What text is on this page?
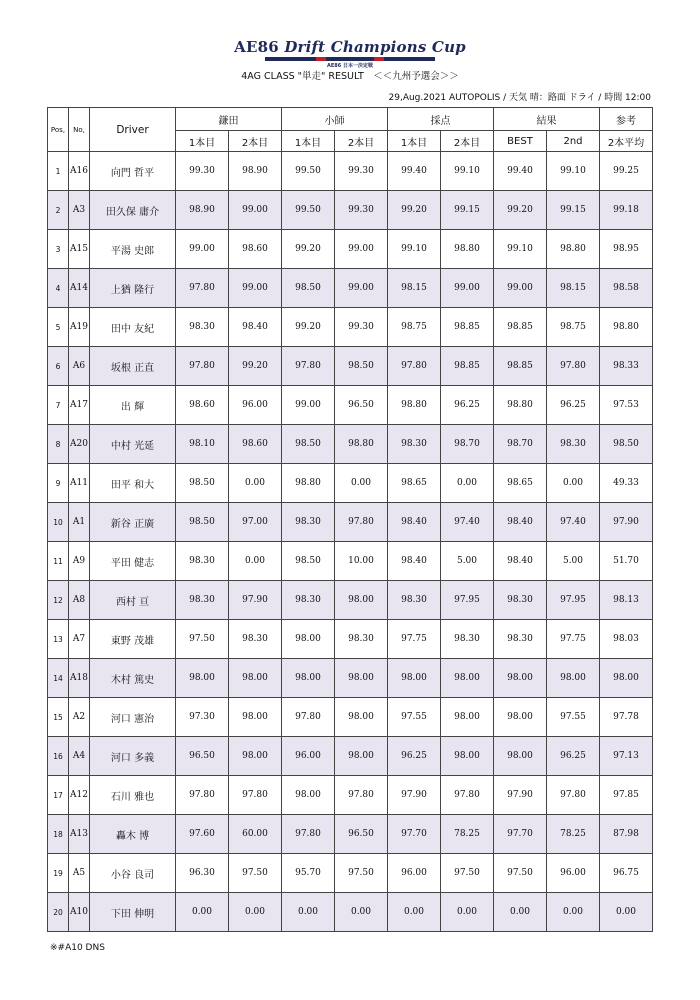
AE86 Drift Champions Cup
AE86 日本一決定戦
4AG CLASS "単走" RESULT　＜＜九州予選会＞＞
29,Aug.2021 AUTOPOLIS / 天気 晴：路面 ドライ / 時間 12:00
Pos,	No,	Driver	鎌田		小師		採点		結果		参考
			1本目	2本目	1本目	2本目	1本目	2本目	BEST	2nd	2本平均
1	A16	向門 哲平	99.30	98.90	99.50	99.30	99.40	99.10	99.40	99.10	99.25
2	A3	田久保 庸介	98.90	99.00	99.50	99.30	99.20	99.15	99.20	99.15	99.18
3	A15	平湯 史郎	99.00	98.60	99.20	99.00	99.10	98.80	99.10	98.80	98.95
4	A14	上猶 隆行	97.80	99.00	98.50	99.00	98.15	99.00	99.00	98.15	98.58
5	A19	田中 友紀	98.30	98.40	99.20	99.30	98.75	98.85	98.85	98.75	98.80
6	A6	坂根 正直	97.80	99.20	97.80	98.50	97.80	98.85	98.85	97.80	98.33
7	A17	出 輝	98.60	96.00	99.00	96.50	98.80	96.25	98.80	96.25	97.53
8	A20	中村 光延	98.10	98.60	98.50	98.80	98.30	98.70	98.70	98.30	98.50
9	A11	田平 和大	98.50	0.00	98.80	0.00	98.65	0.00	98.65	0.00	49.33
10	A1	新谷 正廣	98.50	97.00	98.30	97.80	98.40	97.40	98.40	97.40	97.90
11	A9	平田 健志	98.30	0.00	98.50	10.00	98.40	5.00	98.40	5.00	51.70
12	A8	西村 亘	98.30	97.90	98.30	98.00	98.30	97.95	98.30	97.95	98.13
13	A7	東野 茂雄	97.50	98.30	98.00	98.30	97.75	98.30	98.30	97.75	98.03
14	A18	木村 篤史	98.00	98.00	98.00	98.00	98.00	98.00	98.00	98.00	98.00
15	A2	河口 憲治	97.30	98.00	97.80	98.00	97.55	98.00	98.00	97.55	97.78
16	A4	河口 多義	96.50	98.00	96.00	98.00	96.25	98.00	98.00	96.25	97.13
17	A12	石川 雅也	97.80	97.80	98.00	97.80	97.90	97.80	97.90	97.80	97.85
18	A13	轟木 博	97.60	60.00	97.80	96.50	97.70	78.25	97.70	78.25	87.98
19	A5	小谷 良司	96.30	97.50	95.70	97.50	96.00	97.50	97.50	96.00	96.75
20	A10	下田 伸明	0.00	0.00	0.00	0.00	0.00	0.00	0.00	0.00	0.00
※#A10 DNS
